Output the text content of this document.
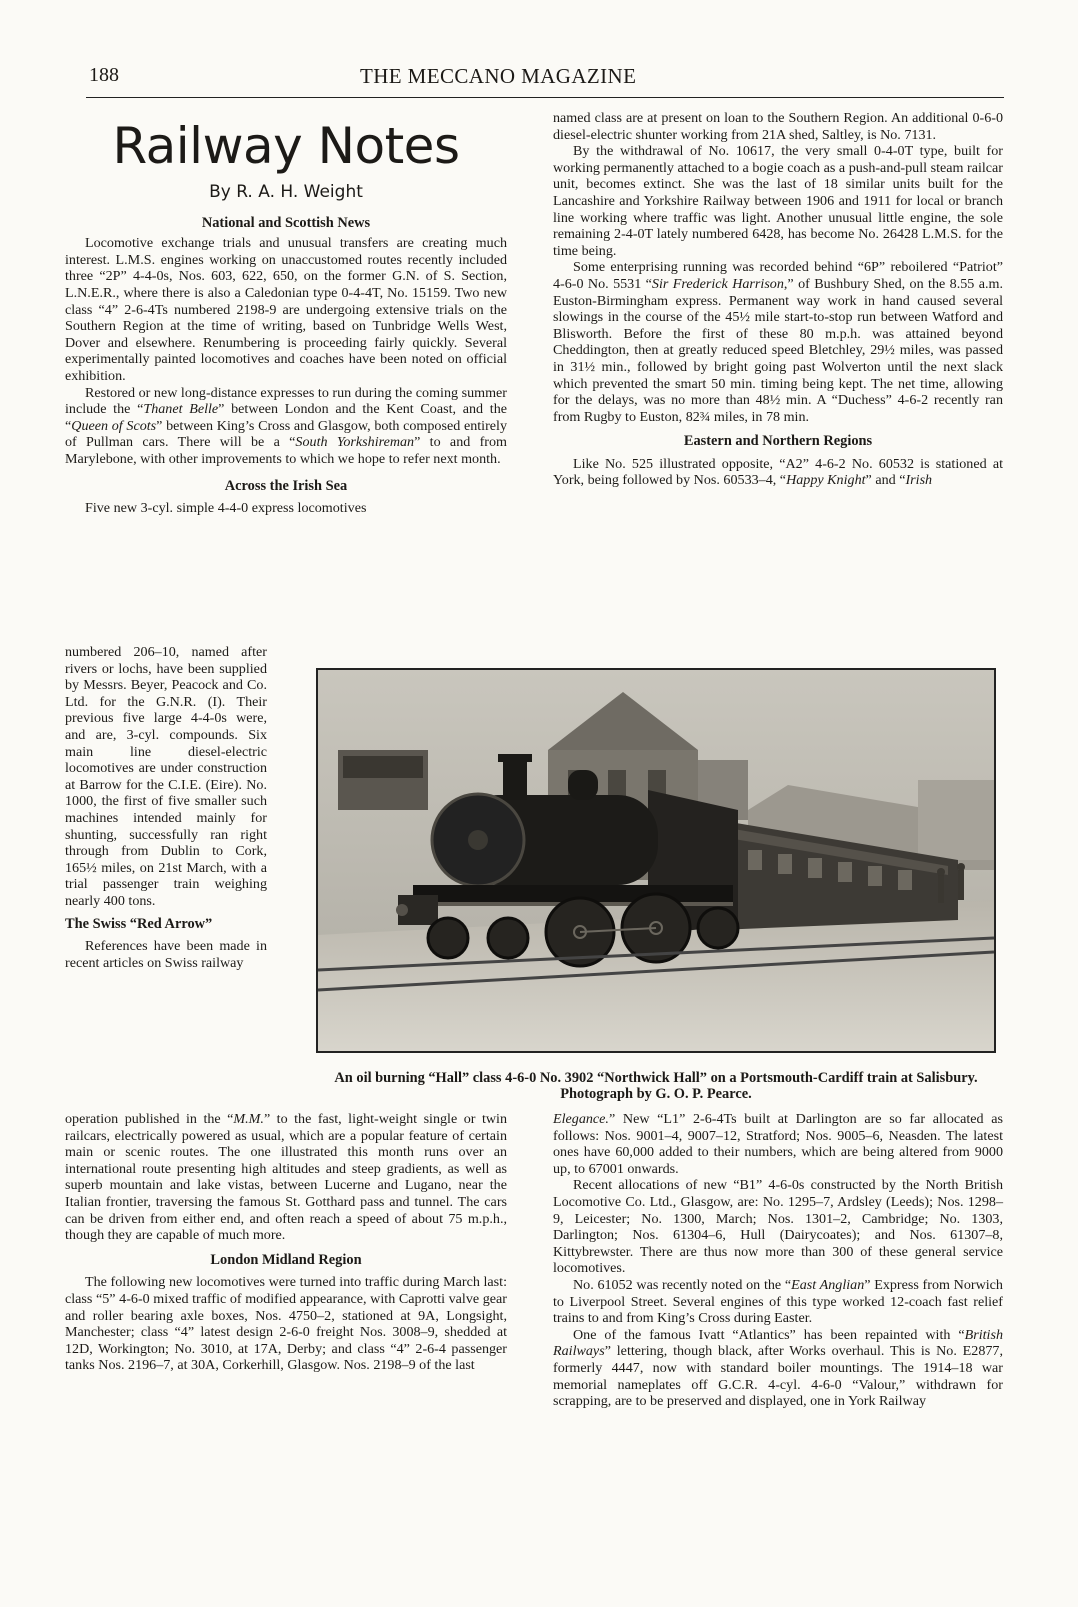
188	THE MECCANO MAGAZINE
Railway Notes
By R. A. H. Weight
National and Scottish News

Locomotive exchange trials and unusual transfers are creating much interest. L.M.S. engines working on unaccustomed routes recently included three “2P” 4-4-0s, Nos. 603, 622, 650, on the former G.N. of S. Section, L.N.E.R., where there is also a Caledonian type 0-4-4T, No. 15159. Two new class “4” 2-6-4Ts numbered 2198-9 are undergoing extensive trials on the Southern Region at the time of writing, based on Tunbridge Wells West, Dover and elsewhere. Renumbering is proceeding fairly quickly. Several experimentally painted locomotives and coaches have been noted on official exhibition.

Restored or new long-distance expresses to run during the coming summer include the “Thanet Belle” between London and the Kent Coast, and the “Queen of Scots” between King’s Cross and Glasgow, both composed entirely of Pullman cars. There will be a “South Yorkshireman” to and from Marylebone, with other improvements to which we hope to refer next month.

Across the Irish Sea

Five new 3-cyl. simple 4-4-0 express locomotives

numbered 206–10, named after rivers or lochs, have been supplied by Messrs. Beyer, Peacock and Co. Ltd. for the G.N.R. (I). Their previous five large 4-4-0s were, and are, 3-cyl. compounds. Six main line diesel-electric locomotives are under construction at Barrow for the C.I.E. (Eire). No. 1000, the first of five smaller such machines intended mainly for shunting, successfully ran right through from Dublin to Cork, 165½ miles, on 21st March, with a trial passenger train weighing nearly 400 tons.

The Swiss “Red Arrow”

References have been made in recent articles on Swiss railway

operation published in the “M.M.” to the fast, light-weight single or twin railcars, electrically powered as usual, which are a popular feature of certain main or scenic routes. The one illustrated this month runs over an international route presenting high altitudes and steep gradients, as well as superb mountain and lake vistas, between Lucerne and Lugano, near the Italian frontier, traversing the famous St. Gotthard pass and tunnel. The cars can be driven from either end, and often reach a speed of about 75 m.p.h., though they are capable of much more.

London Midland Region

The following new locomotives were turned into traffic during March last: class “5” 4-6-0 mixed traffic of modified appearance, with Caprotti valve gear and roller bearing axle boxes, Nos. 4750–2, stationed at 9A, Longsight, Manchester; class “4” latest design 2-6-0 freight Nos. 3008–9, shedded at 12D, Workington; No. 3010, at 17A, Derby; and class “4” 2-6-4 passenger tanks Nos. 2196–7, at 30A, Corkerhill, Glasgow. Nos. 2198–9 of the last

named class are at present on loan to the Southern Region. An additional 0-6-0 diesel-electric shunter working from 21A shed, Saltley, is No. 7131.

By the withdrawal of No. 10617, the very small 0-4-0T type, built for working permanently attached to a bogie coach as a push-and-pull steam railcar unit, becomes extinct. She was the last of 18 similar units built for the Lancashire and Yorkshire Railway between 1906 and 1911 for local or branch line working where traffic was light. Another unusual little engine, the sole remaining 2-4-0T lately numbered 6428, has become No. 26428 L.M.S. for the time being.

Some enterprising running was recorded behind “6P” reboilered “Patriot” 4-6-0 No. 5531 “Sir Frederick Harrison,” of Bushbury Shed, on the 8.55 a.m. Euston-Birmingham express. Permanent way work in hand caused several slowings in the course of the 45½ mile start-to-stop run between Watford and Blisworth. Before the first of these 80 m.p.h. was attained beyond Cheddington, then at greatly reduced speed Bletchley, 29½ miles, was passed in 31½ min., followed by bright going past Wolverton until the next slack which prevented the smart 50 min. timing being kept. The net time, allowing for the delays, was no more than 48½ min. A “Duchess” 4-6-2 recently ran from Rugby to Euston, 82¾ miles, in 78 min.

Eastern and Northern Regions

Like No. 525 illustrated opposite, “A2” 4-6-2 No. 60532 is stationed at York, being followed by Nos. 60533–4, “Happy Knight” and “Irish

An oil burning “Hall” class 4-6-0 No. 3902 “Northwick Hall” on a Portsmouth-Cardiff train at Salisbury. Photograph by G. O. P. Pearce.

Elegance.” New “L1” 2-6-4Ts built at Darlington are so far allocated as follows: Nos. 9001–4, 9007–12, Stratford; Nos. 9005–6, Neasden. The latest ones have 60,000 added to their numbers, which are being altered from 9000 up, to 67001 onwards.

Recent allocations of new “B1” 4-6-0s constructed by the North British Locomotive Co. Ltd., Glasgow, are: No. 1295–7, Ardsley (Leeds); Nos. 1298–9, Leicester; No. 1300, March; Nos. 1301–2, Cambridge; No. 1303, Darlington; Nos. 61304–6, Hull (Dairycoates); and Nos. 61307–8, Kittybrewster. There are thus now more than 300 of these general service locomotives.

No. 61052 was recently noted on the “East Anglian” Express from Norwich to Liverpool Street. Several engines of this type worked 12-coach fast relief trains to and from King’s Cross during Easter.

One of the famous Ivatt “Atlantics” has been repainted with “British Railways” lettering, though black, after Works overhaul. This is No. E2877, formerly 4447, now with standard boiler mountings. The 1914–18 war memorial nameplates off G.C.R. 4-cyl. 4-6-0 “Valour,” withdrawn for scrapping, are to be preserved and displayed, one in York Railway
